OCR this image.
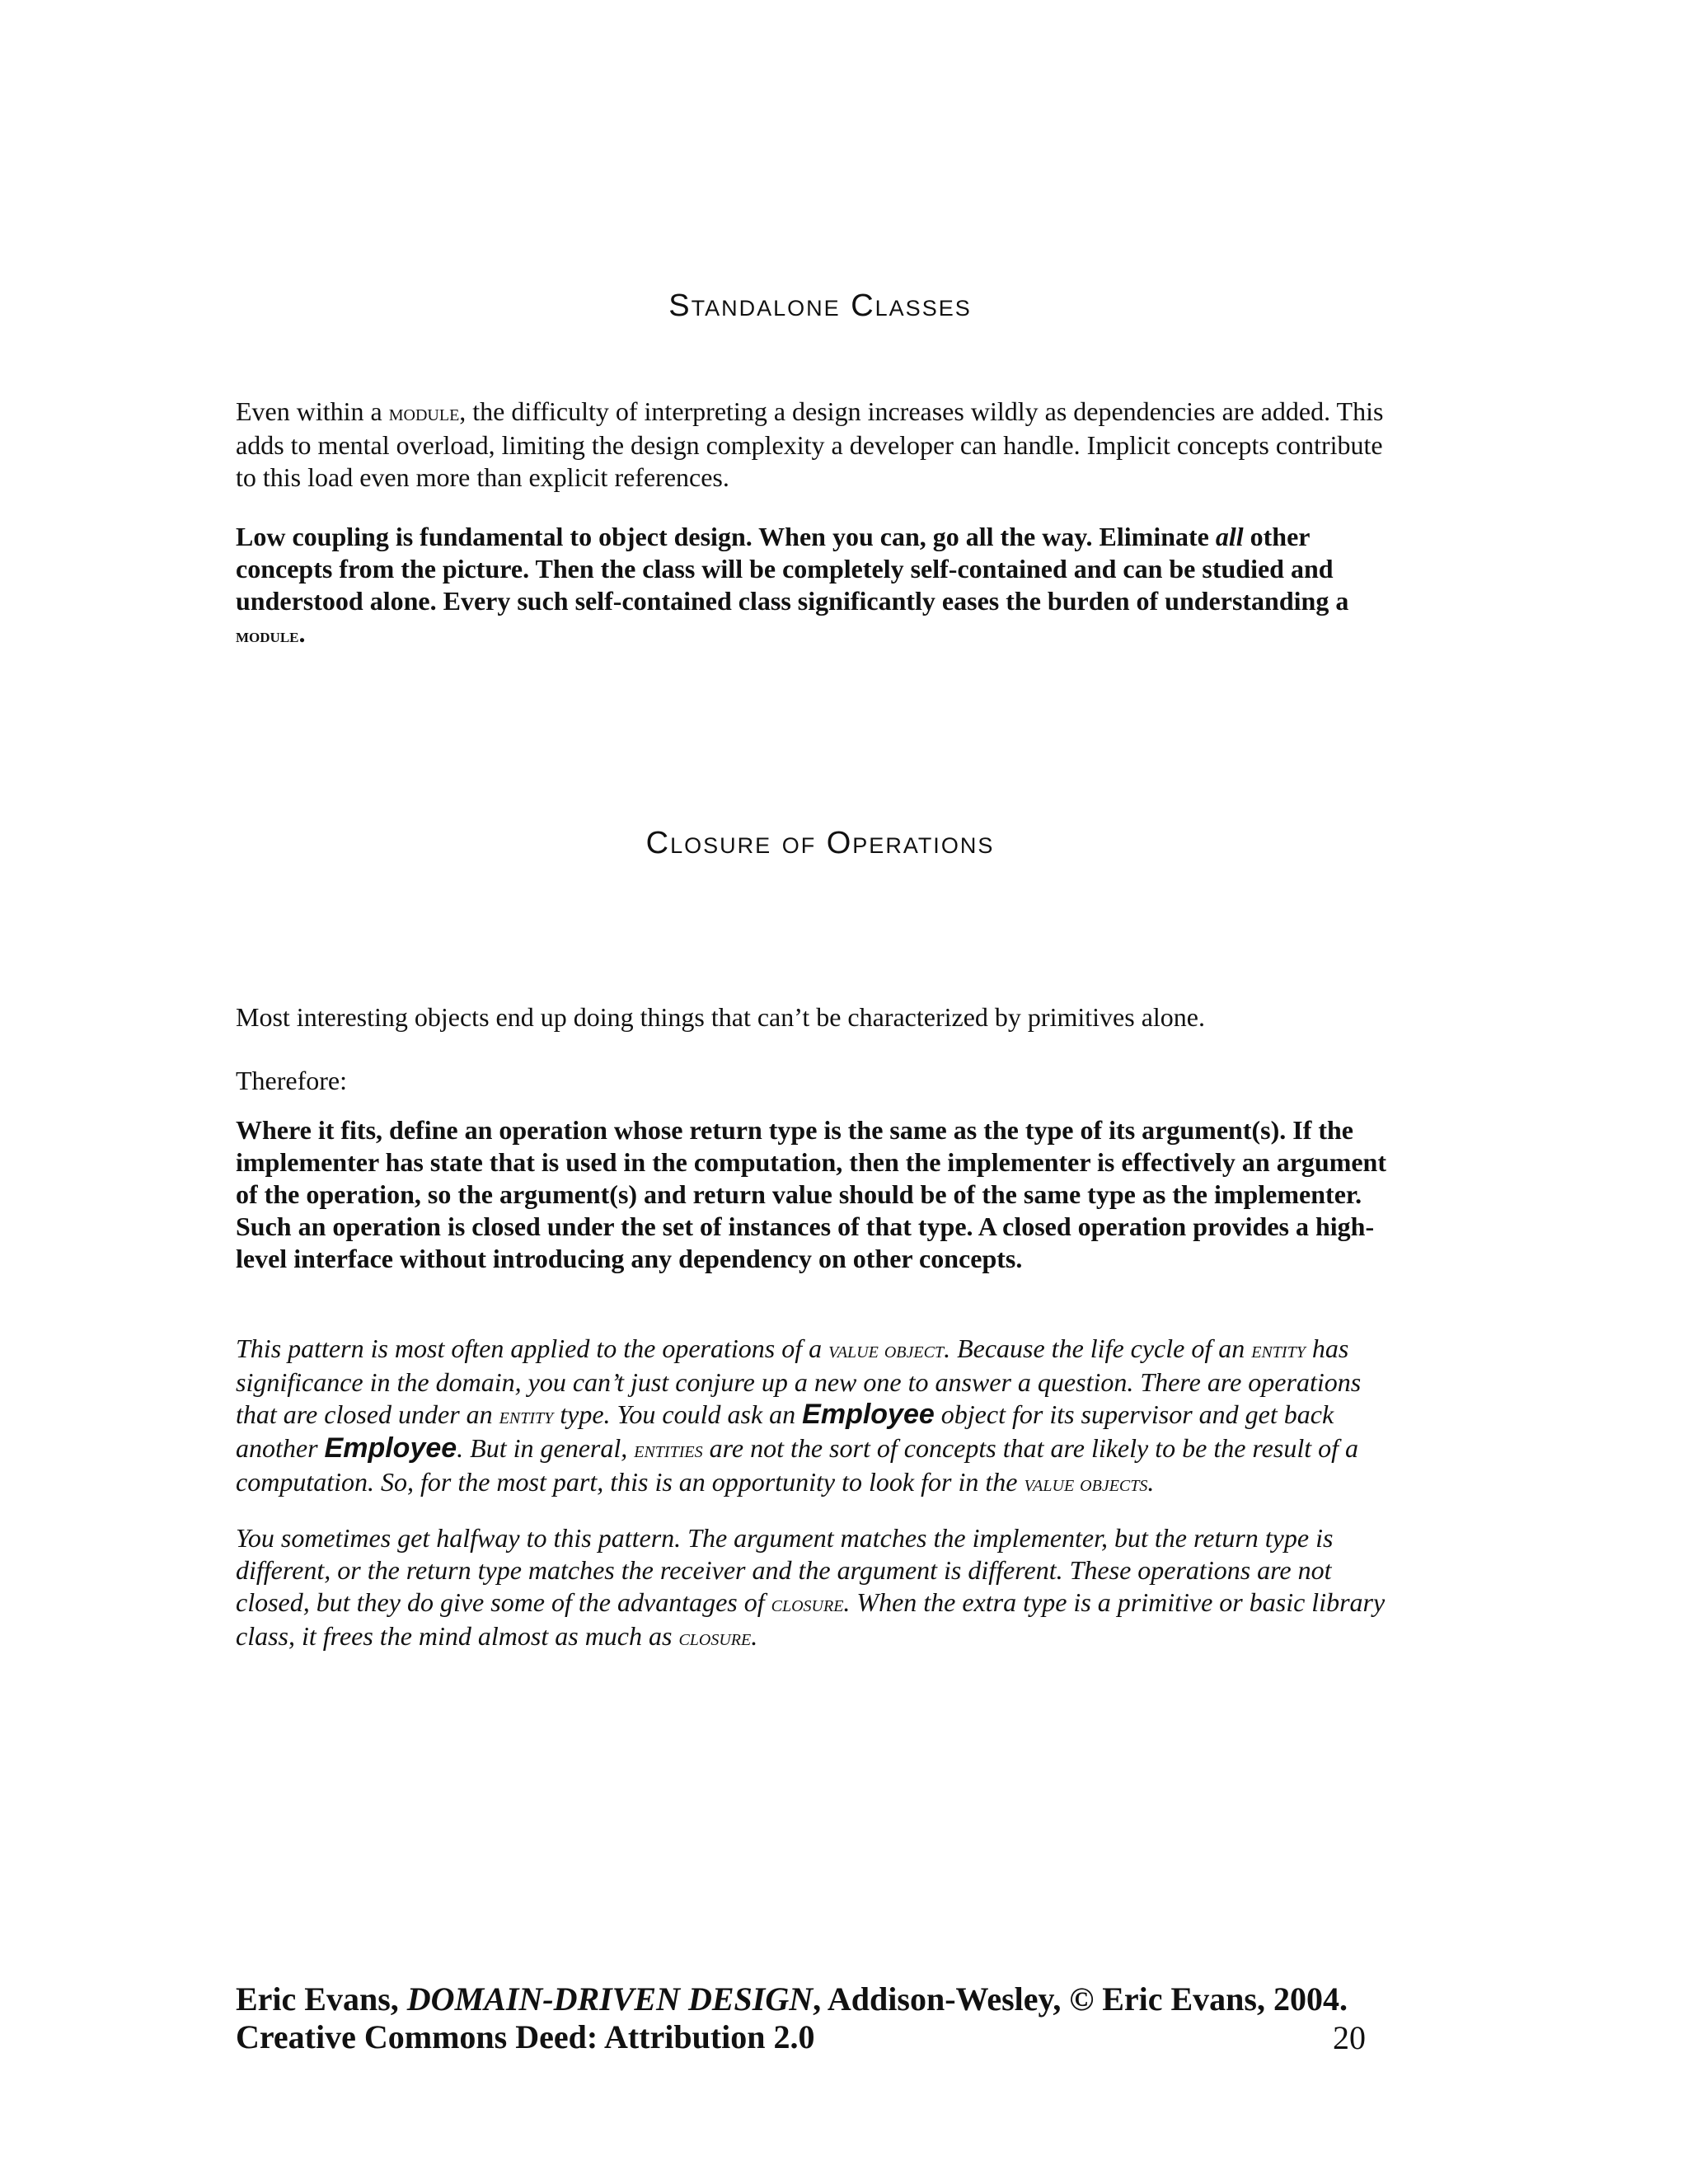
Standalone Classes

Even within a module, the difficulty of interpreting a design increases wildly as dependencies are added. This adds to mental overload, limiting the design complexity a developer can handle. Implicit concepts contribute to this load even more than explicit references.

Low coupling is fundamental to object design. When you can, go all the way. Eliminate all other concepts from the picture. Then the class will be completely self-contained and can be studied and understood alone. Every such self-contained class significantly eases the burden of understanding a module.

Closure of Operations

Most interesting objects end up doing things that can’t be characterized by primitives alone.

Therefore:

Where it fits, define an operation whose return type is the same as the type of its argument(s). If the implementer has state that is used in the computation, then the implementer is effectively an argument of the operation, so the argument(s) and return value should be of the same type as the implementer. Such an operation is closed under the set of instances of that type. A closed operation provides a high-level interface without introducing any dependency on other concepts.

This pattern is most often applied to the operations of a value object. Because the life cycle of an entity has significance in the domain, you can’t just conjure up a new one to answer a question. There are operations that are closed under an entity type. You could ask an Employee object for its supervisor and get back another Employee. But in general, entities are not the sort of concepts that are likely to be the result of a computation. So, for the most part, this is an opportunity to look for in the value objects.

You sometimes get halfway to this pattern. The argument matches the implementer, but the return type is different, or the return type matches the receiver and the argument is different. These operations are not closed, but they do give some of the advantages of closure. When the extra type is a primitive or basic library class, it frees the mind almost as much as closure.

Eric Evans, DOMAIN-DRIVEN DESIGN, Addison-Wesley, © Eric Evans, 2004.
Creative Commons Deed: Attribution 2.0	20
